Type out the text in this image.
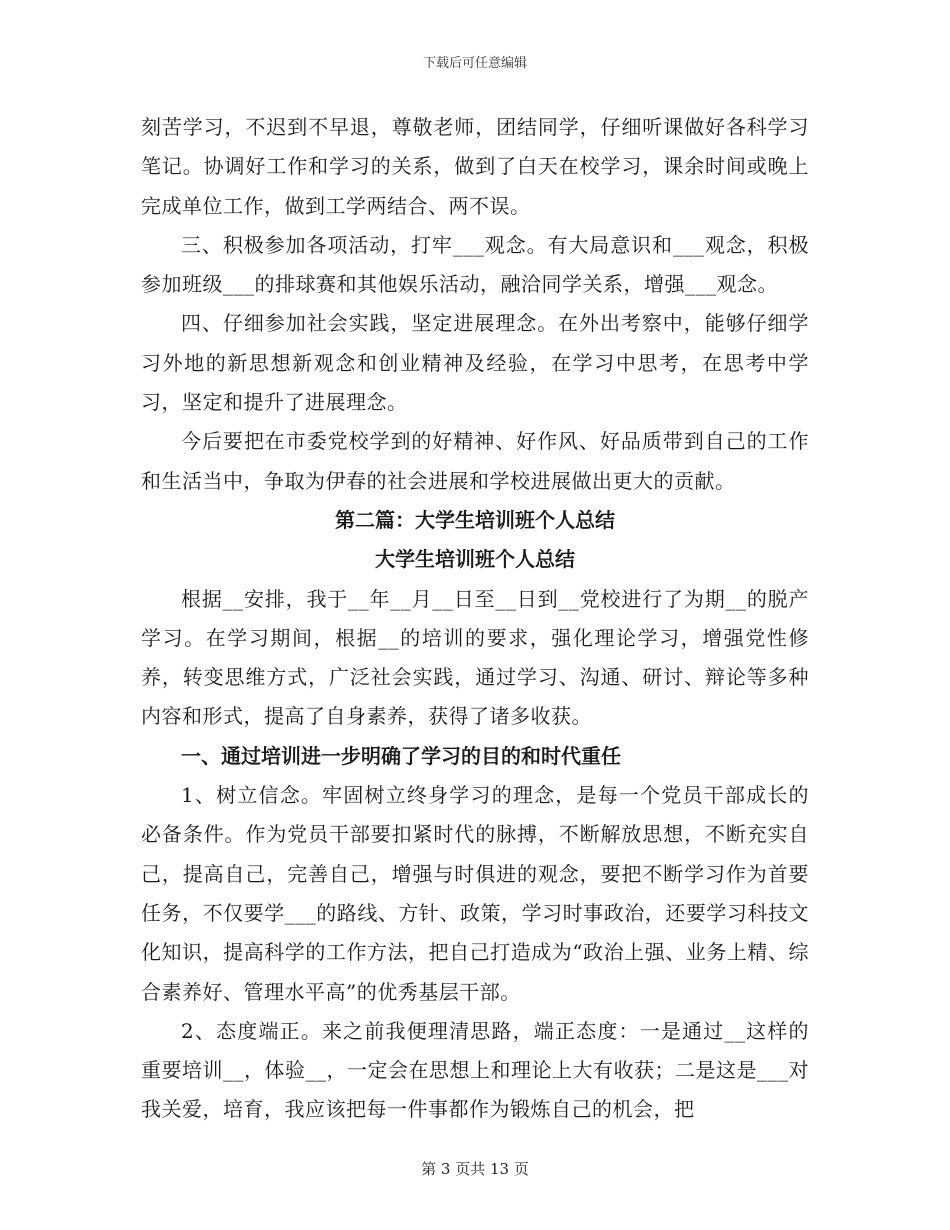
下载后可任意编辑

刻苦学习，不迟到不早退，尊敬老师，团结同学，仔细听课做好各科学习笔记。协调好工作和学习的关系，做到了白天在校学习，课余时间或晚上完成单位工作，做到工学两结合、两不误。

三、积极参加各项活动，打牢___观念。有大局意识和___观念，积极参加班级___的排球赛和其他娱乐活动，融洽同学关系，增强___观念。

四、仔细参加社会实践，坚定进展理念。在外出考察中，能够仔细学习外地的新思想新观念和创业精神及经验，在学习中思考，在思考中学习，坚定和提升了进展理念。

今后要把在市委党校学到的好精神、好作风、好品质带到自己的工作和生活当中，争取为伊春的社会进展和学校进展做出更大的贡献。

第二篇：大学生培训班个人总结

大学生培训班个人总结

根据__安排，我于__年__月__日至__日到__党校进行了为期__的脱产学习。在学习期间，根据__的培训的要求，强化理论学习，增强党性修养，转变思维方式，广泛社会实践，通过学习、沟通、研讨、辩论等多种内容和形式，提高了自身素养，获得了诸多收获。

一、通过培训进一步明确了学习的目的和时代重任

1、树立信念。牢固树立终身学习的理念，是每一个党员干部成长的必备条件。作为党员干部要扣紧时代的脉搏，不断解放思想，不断充实自己，提高自己，完善自己，增强与时俱进的观念，要把不断学习作为首要任务，不仅要学___的路线、方针、政策，学习时事政治，还要学习科技文化知识，提高科学的工作方法，把自己打造成为“政治上强、业务上精、综合素养好、管理水平高”的优秀基层干部。

2、态度端正。来之前我便理清思路，端正态度：一是通过__这样的重要培训__，体验__，一定会在思想上和理论上大有收获；二是这是___对我关爱，培育，我应该把每一件事都作为锻炼自己的机会，把

第 3 页共 13 页
